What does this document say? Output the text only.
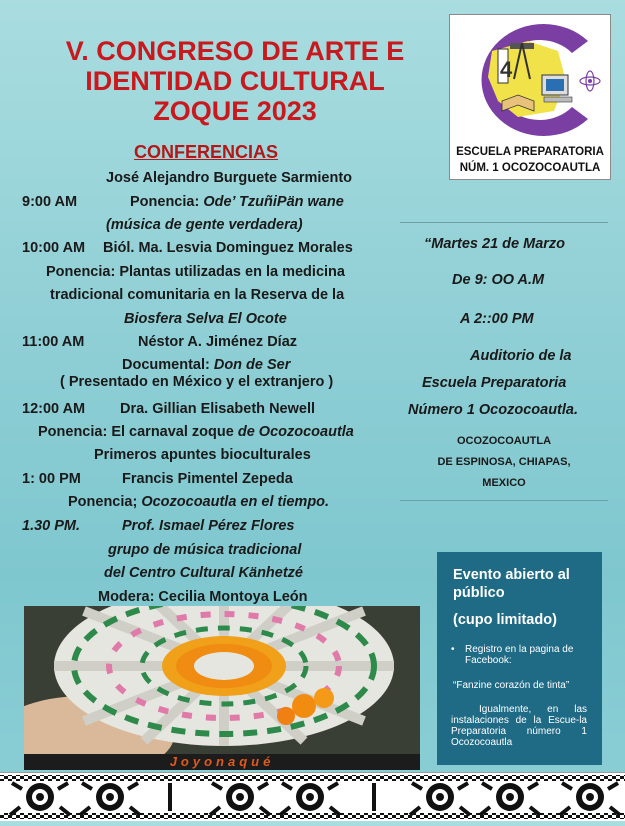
V. CONGRESO DE ARTE E
IDENTIDAD CULTURAL
ZOQUE 2023
4
ESCUELA PREPARATORIA
NÚM. 1 OCOZOCOAUTLA
CONFERENCIAS
José Alejandro Burguete Sarmiento
9:00 AM	Ponencia: Ode’ TzuñiPän wane
(música de gente verdadera)
10:00 AM Biól. Ma. Lesvia Dominguez Morales
Ponencia: Plantas utilizadas en la medicina
tradicional comunitaria en la Reserva de la
Biosfera Selva El Ocote
11:00 AM	Néstor A. Jiménez Díaz
Documental: Don de Ser
( Presentado en México y el extranjero )
12:00 AM Dra. Gillian Elisabeth Newell
Ponencia: El carnaval zoque de Ocozocoautla
Primeros apuntes bioculturales
1: 00 PM	Francis Pimentel Zepeda
Ponencia; Ocozocoautla en el tiempo.
1.30 PM.	Prof. Ismael Pérez Flores
grupo de música tradicional
del Centro Cultural Känhetzé
Modera: Cecilia Montoya León
“Martes 21 de Marzo
De 9: OO A.M
A 2::00 PM
Auditorio de la
Escuela Preparatoria
Número 1 Ocozocoautla.
OCOZOCOAUTLA
DE ESPINOSA, CHIAPAS,
MEXICO
Evento abierto al público
(cupo limitado)
•	Registro en la pagina de Facebook:
“Fanzine corazón de tinta”
Igualmente, en las instalaciones de la Escue-la Preparatoria número 1 Ocozocoautla
Joyonaqué
